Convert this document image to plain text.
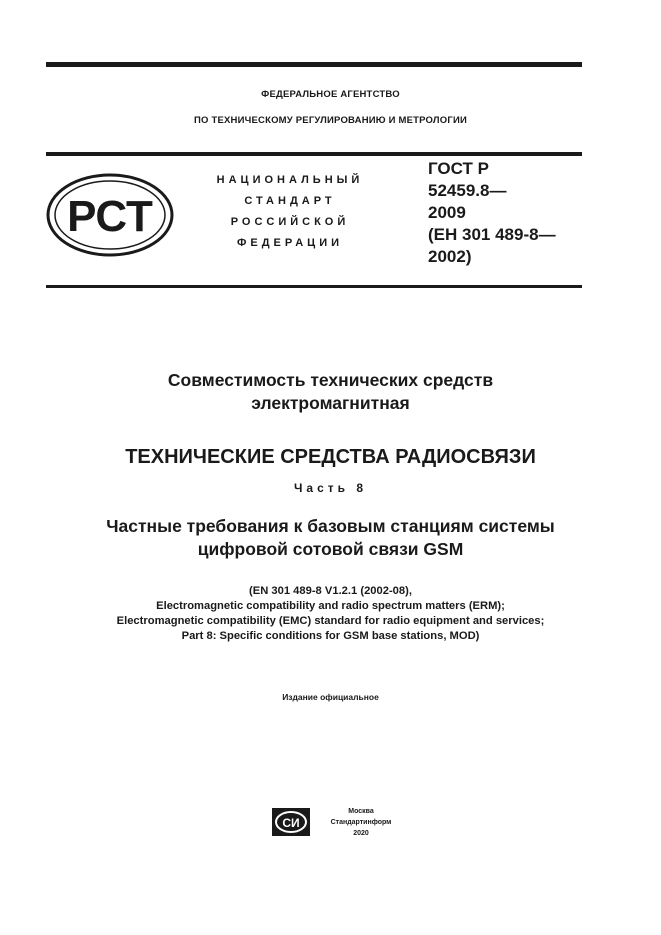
ФЕДЕРАЛЬНОЕ АГЕНТСТВО
ПО ТЕХНИЧЕСКОМУ РЕГУЛИРОВАНИЮ И МЕТРОЛОГИИ
РСТ
НАЦИОНАЛЬНЫЙ
СТАНДАРТ
РОССИЙСКОЙ
ФЕДЕРАЦИИ
ГОСТ Р
52459.8—
2009
(ЕН 301 489-8—
2002)
Совместимость технических средств
электромагнитная
ТЕХНИЧЕСКИЕ СРЕДСТВА РАДИОСВЯЗИ
Часть 8
Частные требования к базовым станциям системы
цифровой сотовой связи GSM
(EN 301 489-8 V1.2.1 (2002-08),
Electromagnetic compatibility and radio spectrum matters (ERM);
Electromagnetic compatibility (EMC) standard for radio equipment and services;
Part 8: Specific conditions for GSM base stations, MOD)
Издание официальное
СИ
Москва
Стандартинформ
2020
